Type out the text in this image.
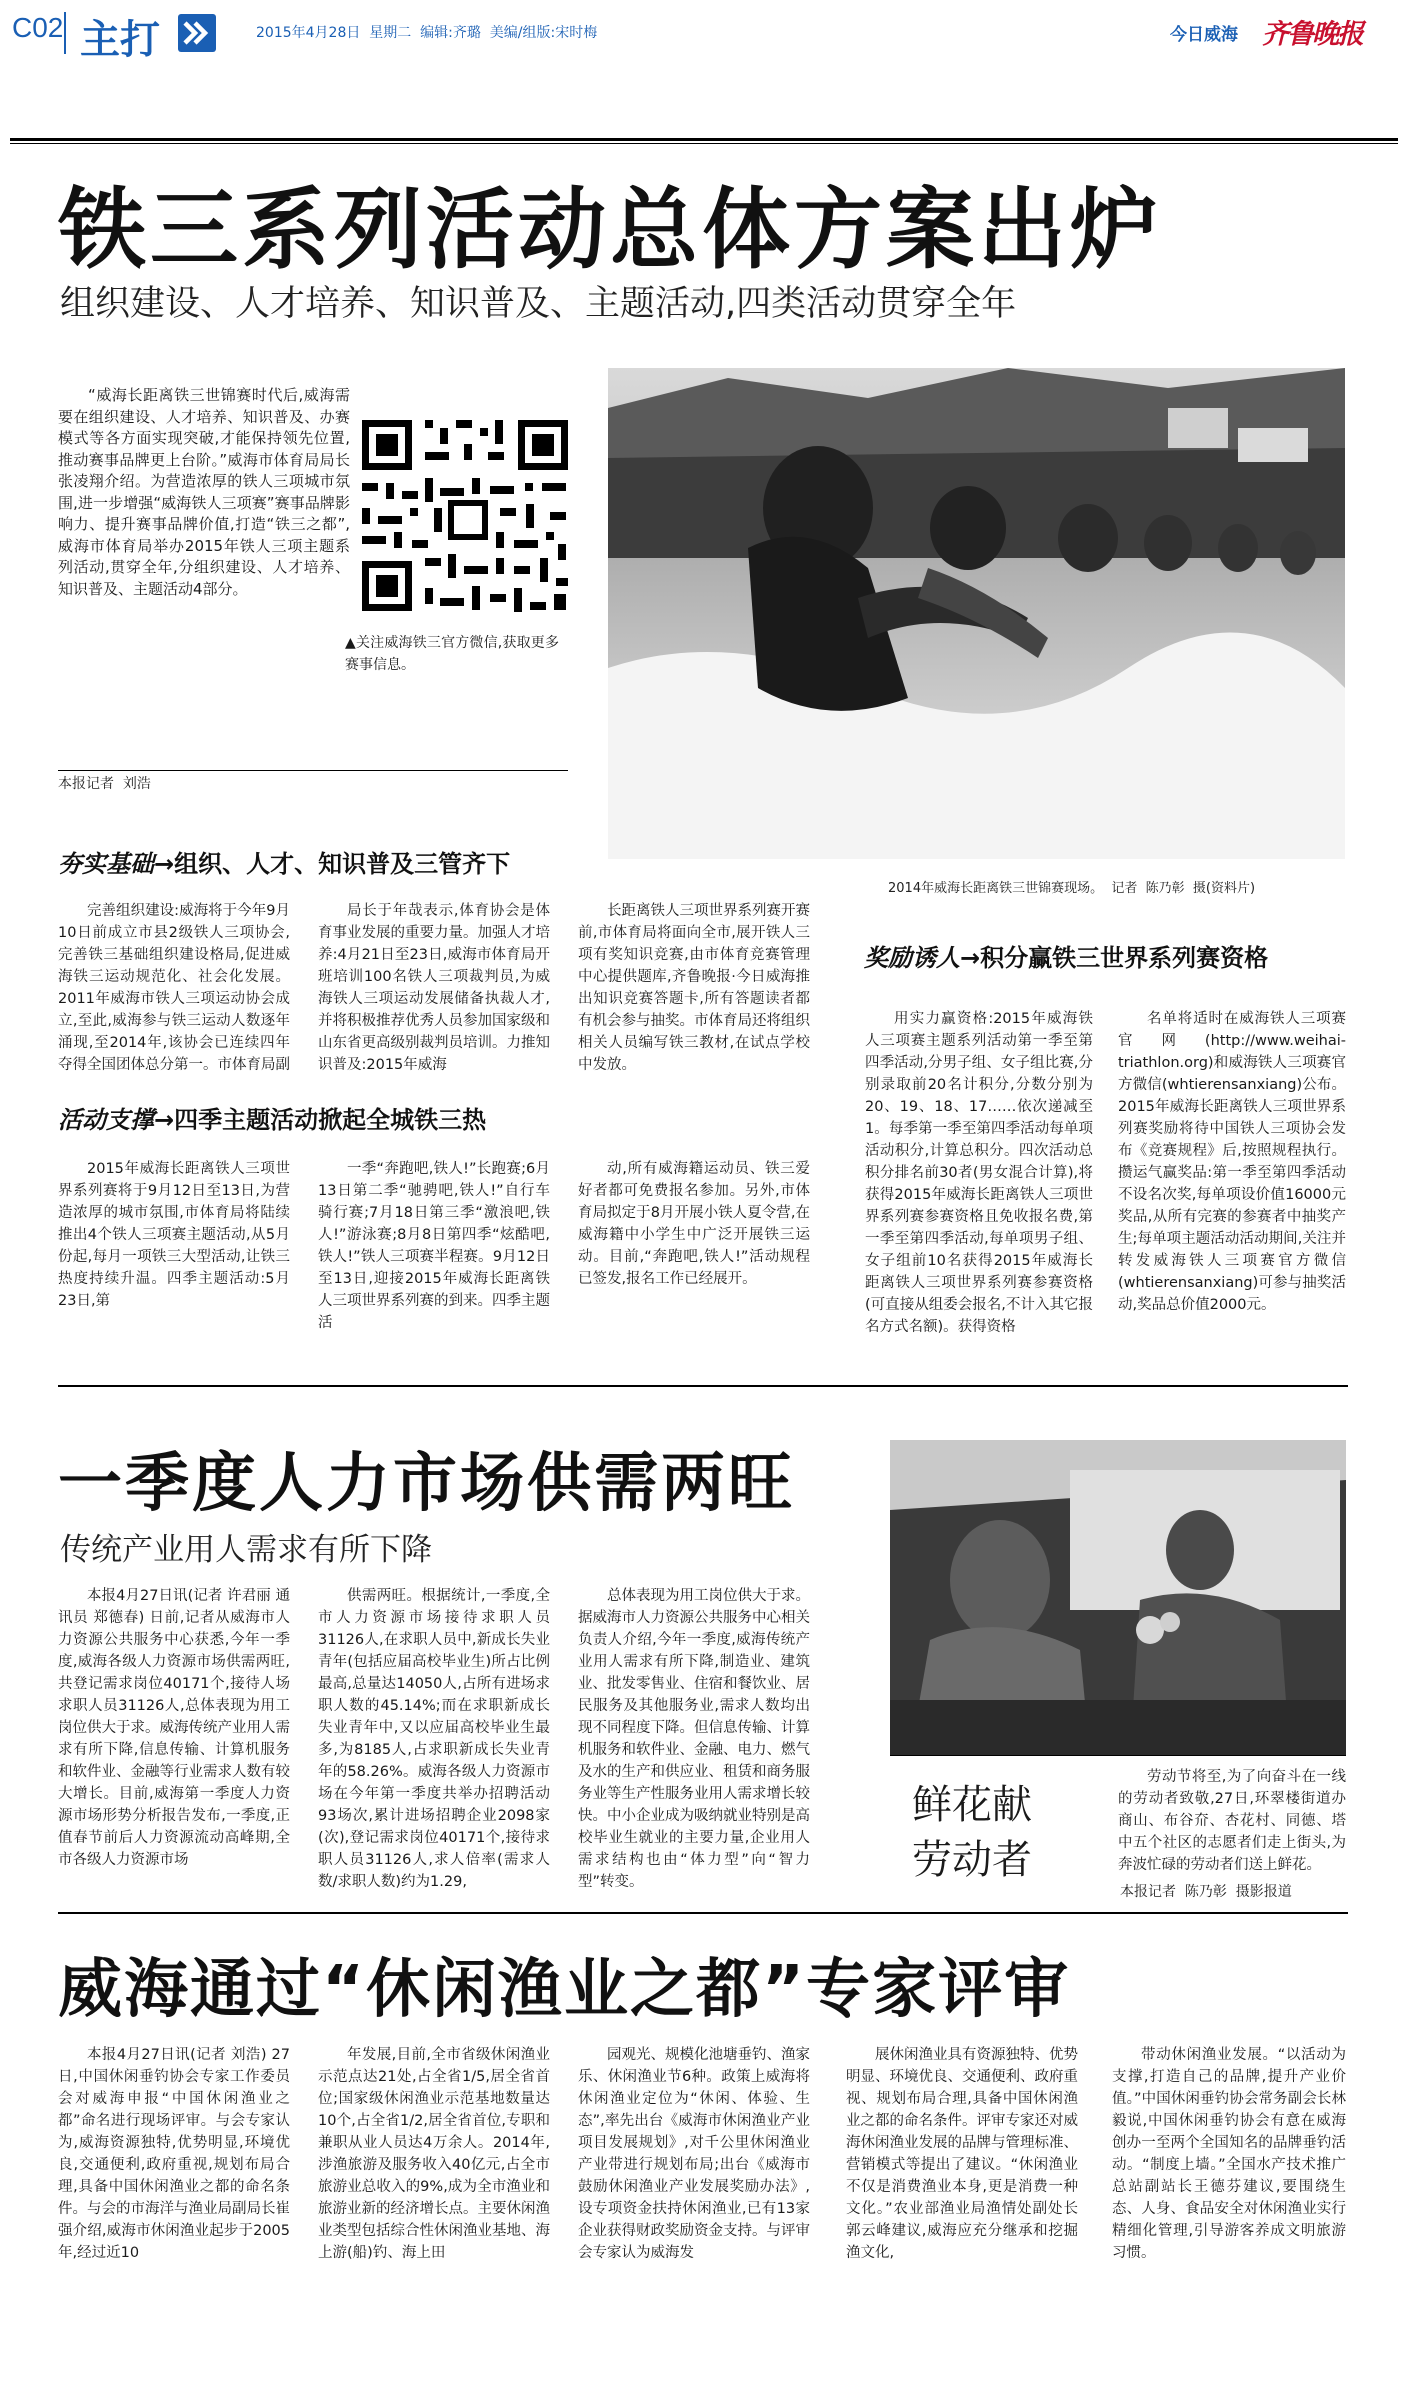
C02 主打	2015年4月28日  星期二  编辑:齐璐  美编/组版:宋时梅	今日威海 齐鲁晚报
铁三系列活动总体方案出炉
组织建设、人才培养、知识普及、主题活动,四类活动贯穿全年

“威海长距离铁三世锦赛时代后,威海需要在组织建设、人才培养、知识普及、办赛模式等各方面实现突破,才能保持领先位置,推动赛事品牌更上台阶。”威海市体育局局长张凌翔介绍。为营造浓厚的铁人三项城市氛围,进一步增强“威海铁人三项赛”赛事品牌影响力、提升赛事品牌价值,打造“铁三之都”,威海市体育局举办2015年铁人三项主题系列活动,贯穿全年,分组织建设、人才培养、知识普及、主题活动4部分。

▲关注威海铁三官方微信,获取更多赛事信息。

本报记者  刘浩
2014年威海长距离铁三世锦赛现场。  记者  陈乃彰  摄(资料片)
夯实基础→组织、人才、知识普及三管齐下

完善组织建设:威海将于今年9月10日前成立市县2级铁人三项协会,完善铁三基础组织建设格局,促进威海铁三运动规范化、社会化发展。2011年威海市铁人三项运动协会成立,至此,威海参与铁三运动人数逐年涌现,至2014年,该协会已连续四年夺得全国团体总分第一。市体育局副

局长于年哉表示,体育协会是体育事业发展的重要力量。加强人才培养:4月21日至23日,威海市体育局开班培训100名铁人三项裁判员,为威海铁人三项运动发展储备执裁人才,并将积极推荐优秀人员参加国家级和山东省更高级别裁判员培训。力推知识普及:2015年威海

长距离铁人三项世界系列赛开赛前,市体育局将面向全市,展开铁人三项有奖知识竞赛,由市体育竞赛管理中心提供题库,齐鲁晚报·今日威海推出知识竞赛答题卡,所有答题读者都有机会参与抽奖。市体育局还将组织相关人员编写铁三教材,在试点学校中发放。

活动支撑→四季主题活动掀起全城铁三热

2015年威海长距离铁人三项世界系列赛将于9月12日至13日,为营造浓厚的城市氛围,市体育局将陆续推出4个铁人三项赛主题活动,从5月份起,每月一项铁三大型活动,让铁三热度持续升温。四季主题活动:5月23日,第

一季“奔跑吧,铁人!”长跑赛;6月13日第二季“驰骋吧,铁人!”自行车骑行赛;7月18日第三季“激浪吧,铁人!”游泳赛;8月8日第四季“炫酷吧,铁人!”铁人三项赛半程赛。9月12日至13日,迎接2015年威海长距离铁人三项世界系列赛的到来。四季主题活

动,所有威海籍运动员、铁三爱好者都可免费报名参加。另外,市体育局拟定于8月开展小铁人夏令营,在威海籍中小学生中广泛开展铁三运动。目前,“奔跑吧,铁人!”活动规程已签发,报名工作已经展开。

奖励诱人→积分赢铁三世界系列赛资格

用实力赢资格:2015年威海铁人三项赛主题系列活动第一季至第四季活动,分男子组、女子组比赛,分别录取前20名计积分,分数分别为20、19、18、17……依次递减至1。每季第一季至第四季活动每单项活动积分,计算总积分。四次活动总积分排名前30者(男女混合计算),将获得2015年威海长距离铁人三项世界系列赛参赛资格且免收报名费,第一季至第四季活动,每单项男子组、女子组前10名获得2015年威海长距离铁人三项世界系列赛参赛资格(可直接从组委会报名,不计入其它报名方式名额)。获得资格

名单将适时在威海铁人三项赛官网(http://www.weihai-triathlon.org)和威海铁人三项赛官方微信(whtierensanxiang)公布。2015年威海长距离铁人三项世界系列赛奖励将待中国铁人三项协会发布《竞赛规程》后,按照规程执行。攒运气赢奖品:第一季至第四季活动不设名次奖,每单项设价值16000元奖品,从所有完赛的参赛者中抽奖产生;每单项主题活动活动期间,关注并转发威海铁人三项赛官方微信(whtierensanxiang)可参与抽奖活动,奖品总价值2000元。

一季度人力市场供需两旺
传统产业用人需求有所下降

本报4月27日讯(记者 许君丽 通讯员 郑德春) 日前,记者从威海市人力资源公共服务中心获悉,今年一季度,威海各级人力资源市场供需两旺,共登记需求岗位40171个,接待人场求职人员31126人,总体表现为用工岗位供大于求。威海传统产业用人需求有所下降,信息传输、计算机服务和软件业、金融等行业需求人数有较大增长。目前,威海第一季度人力资源市场形势分析报告发布,一季度,正值春节前后人力资源流动高峰期,全市各级人力资源市场

供需两旺。根据统计,一季度,全市人力资源市场接待求职人员31126人,在求职人员中,新成长失业青年(包括应届高校毕业生)所占比例最高,总量达14050人,占所有进场求职人数的45.14%;而在求职新成长失业青年中,又以应届高校毕业生最多,为8185人,占求职新成长失业青年的58.26%。威海各级人力资源市场在今年第一季度共举办招聘活动93场次,累计进场招聘企业2098家(次),登记需求岗位40171个,接待求职人员31126人,求人倍率(需求人数/求职人数)约为1.29,

总体表现为用工岗位供大于求。据威海市人力资源公共服务中心相关负责人介绍,今年一季度,威海传统产业用人需求有所下降,制造业、建筑业、批发零售业、住宿和餐饮业、居民服务及其他服务业,需求人数均出现不同程度下降。但信息传输、计算机服务和软件业、金融、电力、燃气及水的生产和供应业、租赁和商务服务业等生产性服务业用人需求增长较快。中小企业成为吸纳就业特别是高校毕业生就业的主要力量,企业用人需求结构也由“体力型”向“智力型”转变。

鲜花献
劳动者

劳动节将至,为了向奋斗在一线的劳动者致敬,27日,环翠楼街道办商山、布谷夼、杏花村、同德、塔中五个社区的志愿者们走上街头,为奔波忙碌的劳动者们送上鲜花。

本报记者  陈乃彰  摄影报道
威海通过“休闲渔业之都”专家评审

本报4月27日讯(记者 刘浩) 27日,中国休闲垂钓协会专家工作委员会对威海申报“中国休闲渔业之都”命名进行现场评审。与会专家认为,威海资源独特,优势明显,环境优良,交通便利,政府重视,规划布局合理,具备中国休闲渔业之都的命名条件。与会的市海洋与渔业局副局长崔强介绍,威海市休闲渔业起步于2005年,经过近10

年发展,目前,全市省级休闲渔业示范点达21处,占全省1/5,居全省首位;国家级休闲渔业示范基地数量达10个,占全省1/2,居全省首位,专职和兼职从业人员达4万余人。2014年,涉渔旅游及服务收入40亿元,占全市旅游业总收入的9%,成为全市渔业和旅游业新的经济增长点。主要休闲渔业类型包括综合性休闲渔业基地、海上游(船)钓、海上田

园观光、规模化池塘垂钓、渔家乐、休闲渔业节6种。政策上威海将休闲渔业定位为“休闲、体验、生态”,率先出台《威海市休闲渔业产业项目发展规划》,对千公里休闲渔业产业带进行规划布局;出台《威海市鼓励休闲渔业产业发展奖励办法》,设专项资金扶持休闲渔业,已有13家企业获得财政奖励资金支持。与评审会专家认为威海发

展休闲渔业具有资源独特、优势明显、环境优良、交通便利、政府重视、规划布局合理,具备中国休闲渔业之都的命名条件。评审专家还对威海休闲渔业发展的品牌与管理标准、营销模式等提出了建议。“休闲渔业不仅是消费渔业本身,更是消费一种文化。”农业部渔业局渔情处副处长郭云峰建议,威海应充分继承和挖掘渔文化,

带动休闲渔业发展。“以活动为支撑,打造自己的品牌,提升产业价值。”中国休闲垂钓协会常务副会长林毅说,中国休闲垂钓协会有意在威海创办一至两个全国知名的品牌垂钓活动。“制度上墙。”全国水产技术推广总站副站长王德芬建议,要围绕生态、人身、食品安全对休闲渔业实行精细化管理,引导游客养成文明旅游习惯。
